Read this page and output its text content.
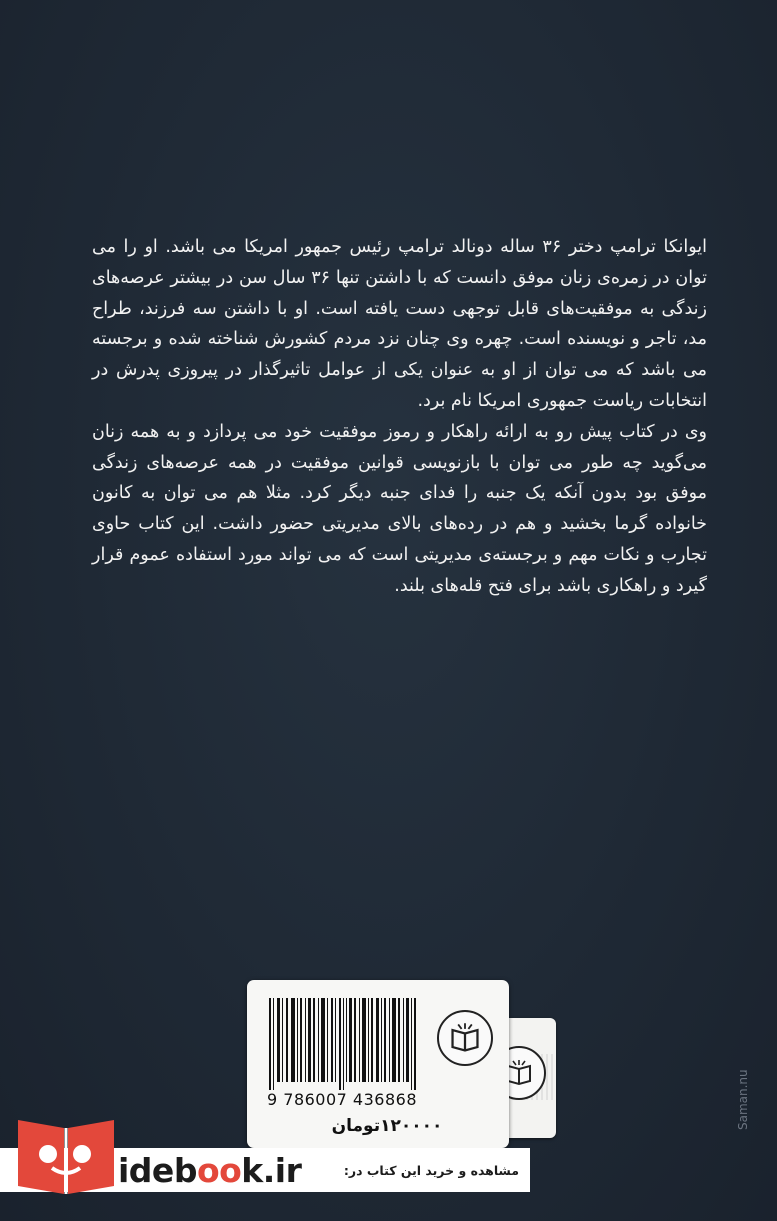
ایوانکا ترامپ دختر ۳۶ ساله دونالد ترامپ رئیس جمهور امریکا می باشد. او را می توان در زمره‌ی زنان موفق دانست که با داشتن تنها ۳۶ سال سن در بیشتر عرصه‌های زندگی به موفقیت‌های قابل توجهی دست یافته است. او با داشتن سه فرزند، طراح مد، تاجر و نویسنده است. چهره وی چنان نزد مردم کشورش شناخته شده و برجسته می باشد که می توان از او به عنوان یکی از عوامل تاثیرگذار در پیروزی پدرش در انتخابات ریاست جمهوری امریکا نام برد.

وی در کتاب پیش رو به ارائه راهکار و رموز موفقیت خود می پردازد و به همه زنان می‌گوید چه طور می توان با بازنویسی قوانین موفقیت در همه عرصه‌های زندگی موفق بود بدون آنکه یک جنبه را فدای جنبه دیگر کرد. مثلا هم می توان به کانون خانواده گرما بخشید و هم در رده‌های بالای مدیریتی حضور داشت. این کتاب حاوی تجارب و نکات مهم و برجسته‌ی مدیریتی است که می تواند مورد استفاده عموم قرار گیرد و راهکاری باشد برای فتح قله‌های بلند.

9 786007 436868
۱۲۰۰۰۰تومان
idebook.ir	مشاهده و خرید این کتاب در:
Saman.nu
